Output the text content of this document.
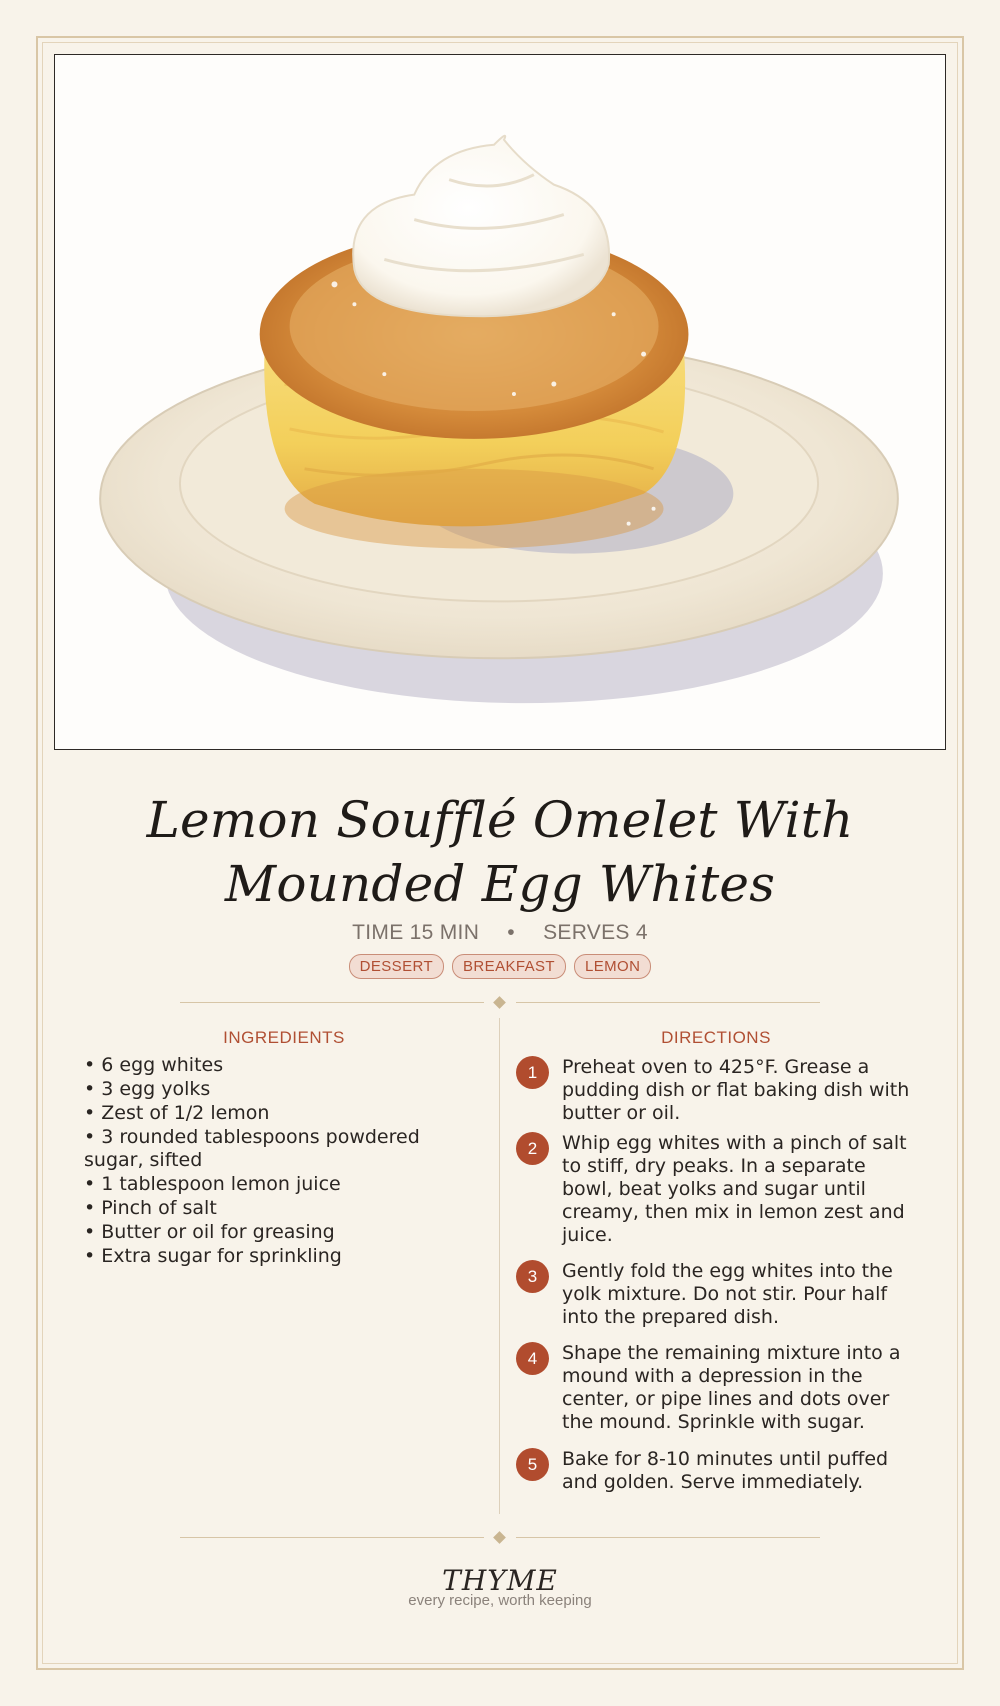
Lemon Soufflé Omelet With Mounded Egg Whites
TIME 15 MIN • SERVES 4
DESSERT	BREAKFAST	LEMON
INGREDIENTS	DIRECTIONS
• 6 egg whites
• 3 egg yolks
• Zest of 1/2 lemon
• 3 rounded tablespoons powdered sugar, sifted
• 1 tablespoon lemon juice
• Pinch of salt
• Butter or oil for greasing
• Extra sugar for sprinkling
1	Preheat oven to 425°F. Grease a pudding dish or flat baking dish with butter or oil.
2	Whip egg whites with a pinch of salt to stiff, dry peaks. In a separate bowl, beat yolks and sugar until creamy, then mix in lemon zest and juice.
3	Gently fold the egg whites into the yolk mixture. Do not stir. Pour half into the prepared dish.
4	Shape the remaining mixture into a mound with a depression in the center, or pipe lines and dots over the mound. Sprinkle with sugar.
5	Bake for 8-10 minutes until puffed and golden. Serve immediately.
THYME
every recipe, worth keeping
